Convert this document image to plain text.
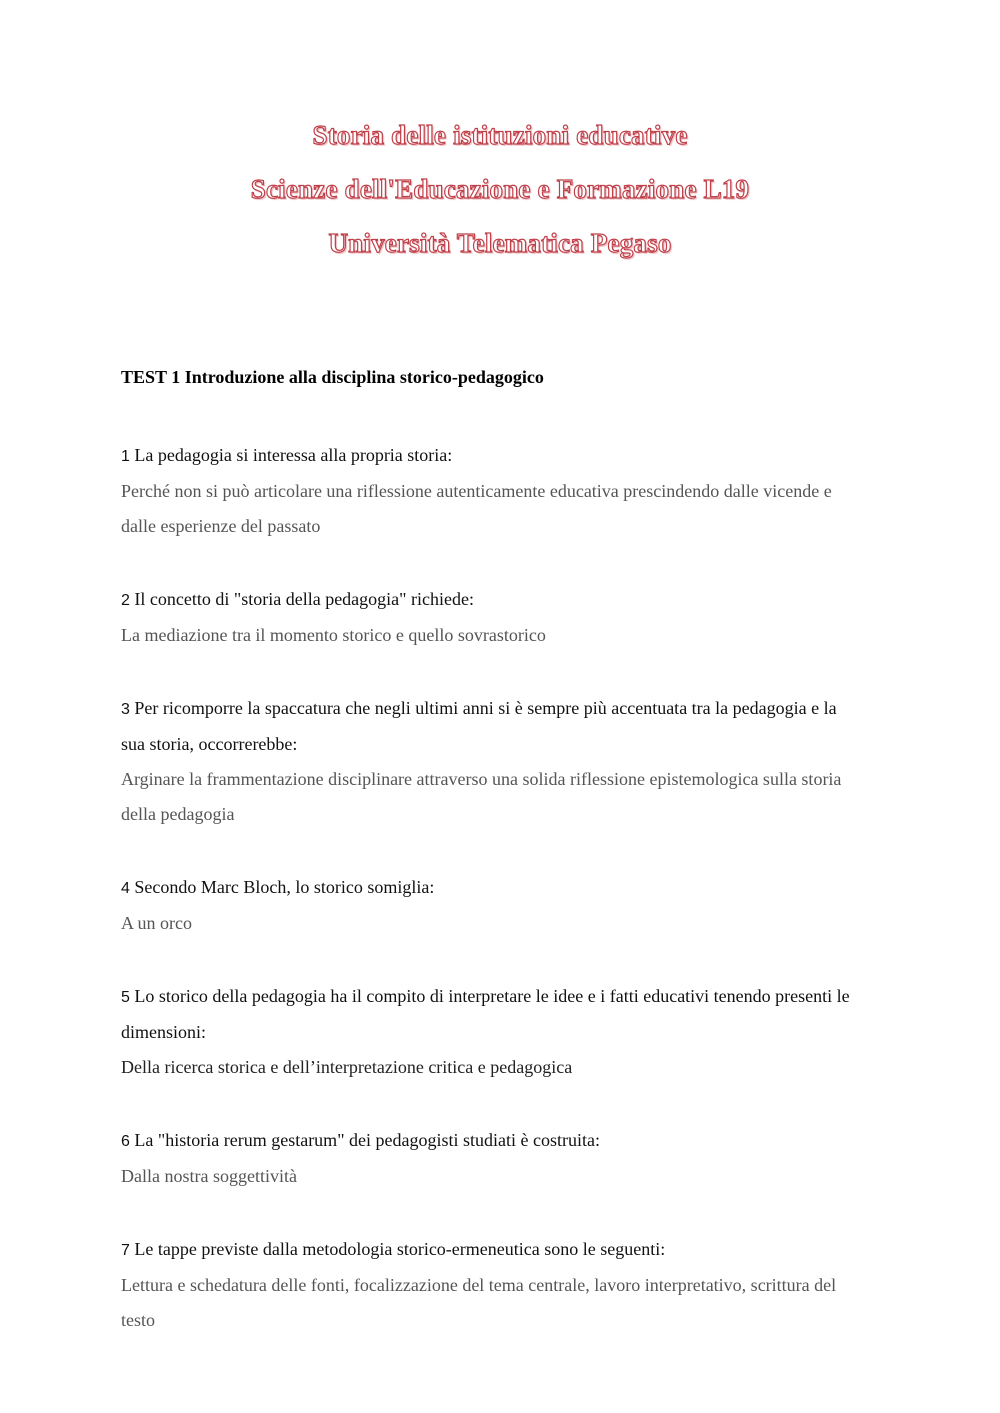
Storia delle istituzioni educative
Scienze dell'Educazione e Formazione L19
Università Telematica Pegaso
TEST 1 Introduzione alla disciplina storico-pedagogico
1 La pedagogia si interessa alla propria storia:
Perché non si può articolare una riflessione autenticamente educativa prescindendo dalle vicende e dalle esperienze del passato
2 Il concetto di "storia della pedagogia" richiede:
La mediazione tra il momento storico e quello sovrastorico
3 Per ricomporre la spaccatura che negli ultimi anni si è sempre più accentuata tra la pedagogia e la sua storia, occorrerebbe:
Arginare la frammentazione disciplinare attraverso una solida riflessione epistemologica sulla storia della pedagogia
4 Secondo Marc Bloch, lo storico somiglia:
A un orco
5 Lo storico della pedagogia ha il compito di interpretare le idee e i fatti educativi tenendo presenti le dimensioni:
Della ricerca storica e dell’interpretazione critica e pedagogica
6 La "historia rerum gestarum" dei pedagogisti studiati è costruita:
Dalla nostra soggettività
7 Le tappe previste dalla metodologia storico-ermeneutica sono le seguenti:
Lettura e schedatura delle fonti, focalizzazione del tema centrale, lavoro interpretativo, scrittura del testo
